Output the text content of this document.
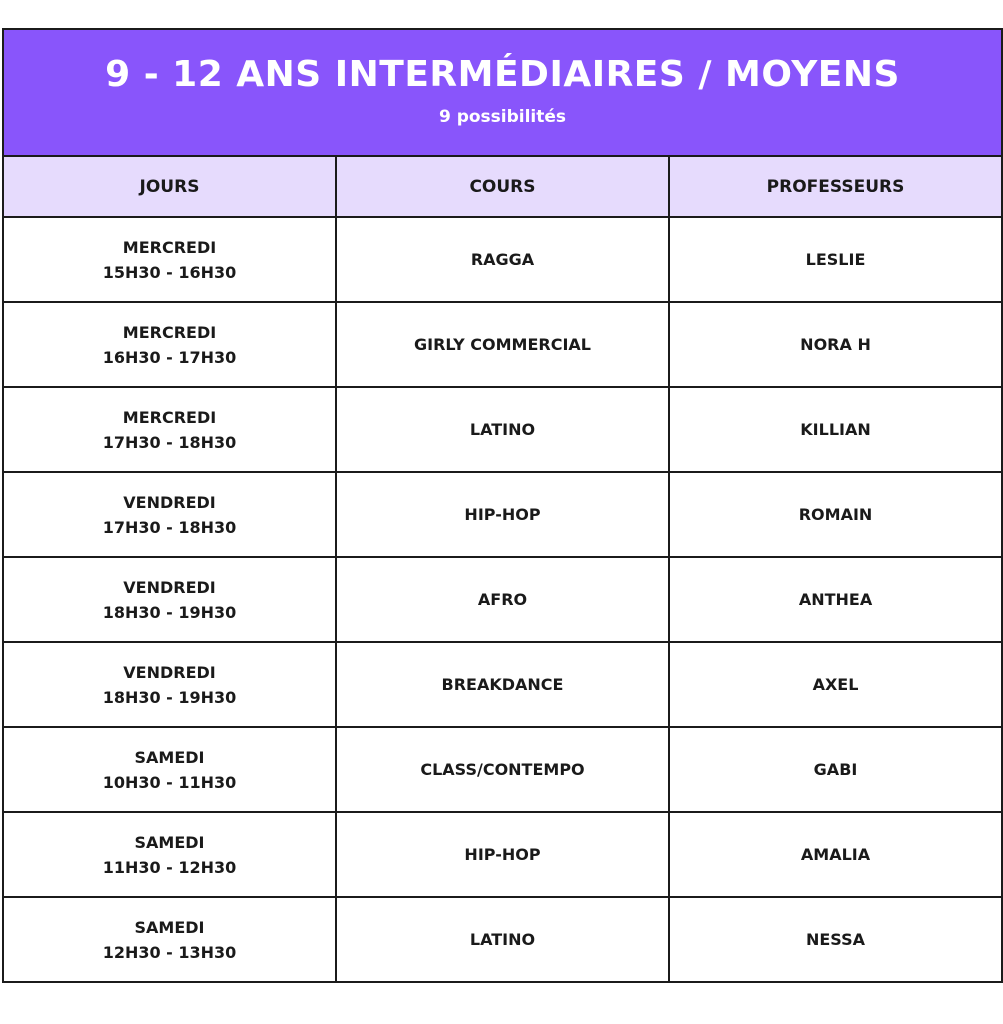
9 - 12 ANS INTERMÉDIAIRES / MOYENS
9 possibilités		

JOURS	COURS	PROFESSEURS

MERCREDI
15H30 - 16H30	RAGGA	LESLIE

MERCREDI
16H30 - 17H30	GIRLY COMMERCIAL	NORA H

MERCREDI
17H30 - 18H30	LATINO	KILLIAN

VENDREDI
17H30 - 18H30	HIP-HOP	ROMAIN

VENDREDI
18H30 - 19H30	AFRO	ANTHEA

VENDREDI
18H30 - 19H30	BREAKDANCE	AXEL

SAMEDI
10H30 - 11H30	CLASS/CONTEMPO	GABI

SAMEDI
11H30 - 12H30	HIP-HOP	AMALIA

SAMEDI
12H30 - 13H30	LATINO	NESSA
